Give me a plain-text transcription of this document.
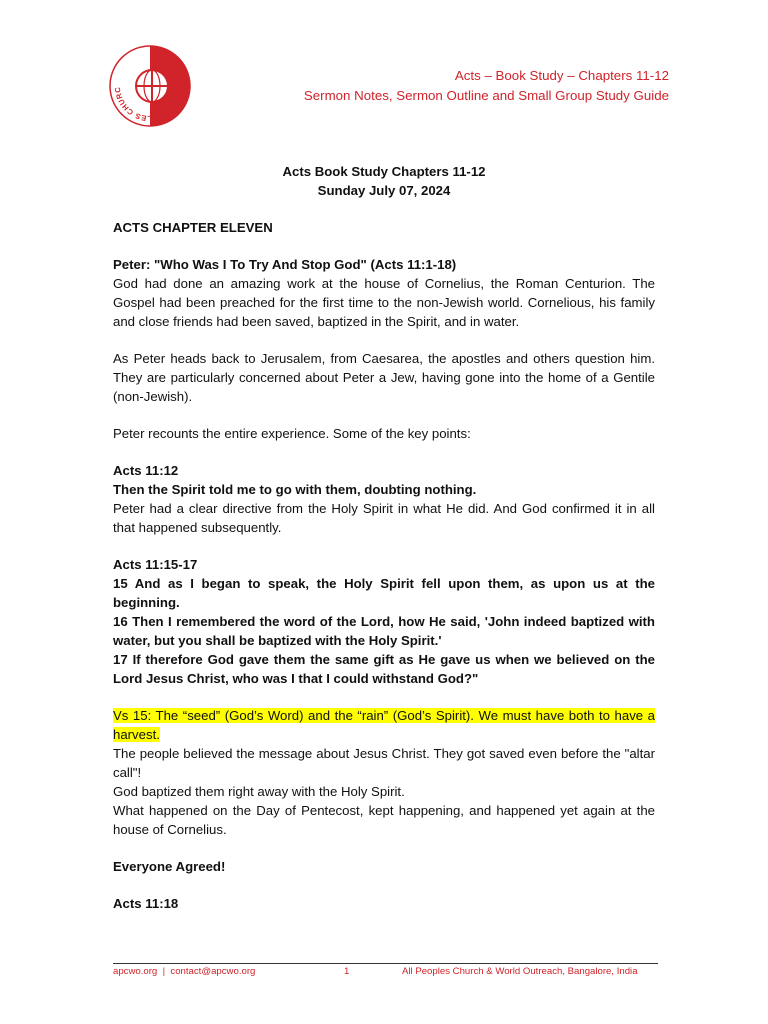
ALL PEOPLES CHURC
Acts – Book Study – Chapters 11-12
Sermon Notes, Sermon Outline and Small Group Study Guide

Acts Book Study Chapters 11-12

Sunday July 07, 2024

ACTS CHAPTER ELEVEN

Peter: "Who Was I To Try And Stop God" (Acts 11:1-18)

God had done an amazing work at the house of Cornelius, the Roman Centurion. The Gospel had been preached for the first time to the non-Jewish world. Cornelious, his family and close friends had been saved, baptized in the Spirit, and in water.

As Peter heads back to Jerusalem, from Caesarea, the apostles and others question him. They are particularly concerned about Peter a Jew, having gone into the home of a Gentile (non-Jewish).

Peter recounts the entire experience. Some of the key points:

Acts 11:12

Then the Spirit told me to go with them, doubting nothing.

Peter had a clear directive from the Holy Spirit in what He did. And God confirmed it in all that happened subsequently.

Acts 11:15-17

15 And as I began to speak, the Holy Spirit fell upon them, as upon us at the beginning.

16 Then I remembered the word of the Lord, how He said, 'John indeed baptized with water, but you shall be baptized with the Holy Spirit.'

17 If therefore God gave them the same gift as He gave us when we believed on the Lord Jesus Christ, who was I that I could withstand God?"

Vs 15: The “seed” (God’s Word) and the “rain” (God’s Spirit). We must have both to have a harvest.

The people believed the message about Jesus Christ. They got saved even before the "altar call"!

God baptized them right away with the Holy Spirit.

What happened on the Day of Pentecost, kept happening, and happened yet again at the house of Cornelius.

Everyone Agreed!

Acts 11:18

apcwo.org  |  contact@apcwo.org	1	All Peoples Church & World Outreach, Bangalore, India
